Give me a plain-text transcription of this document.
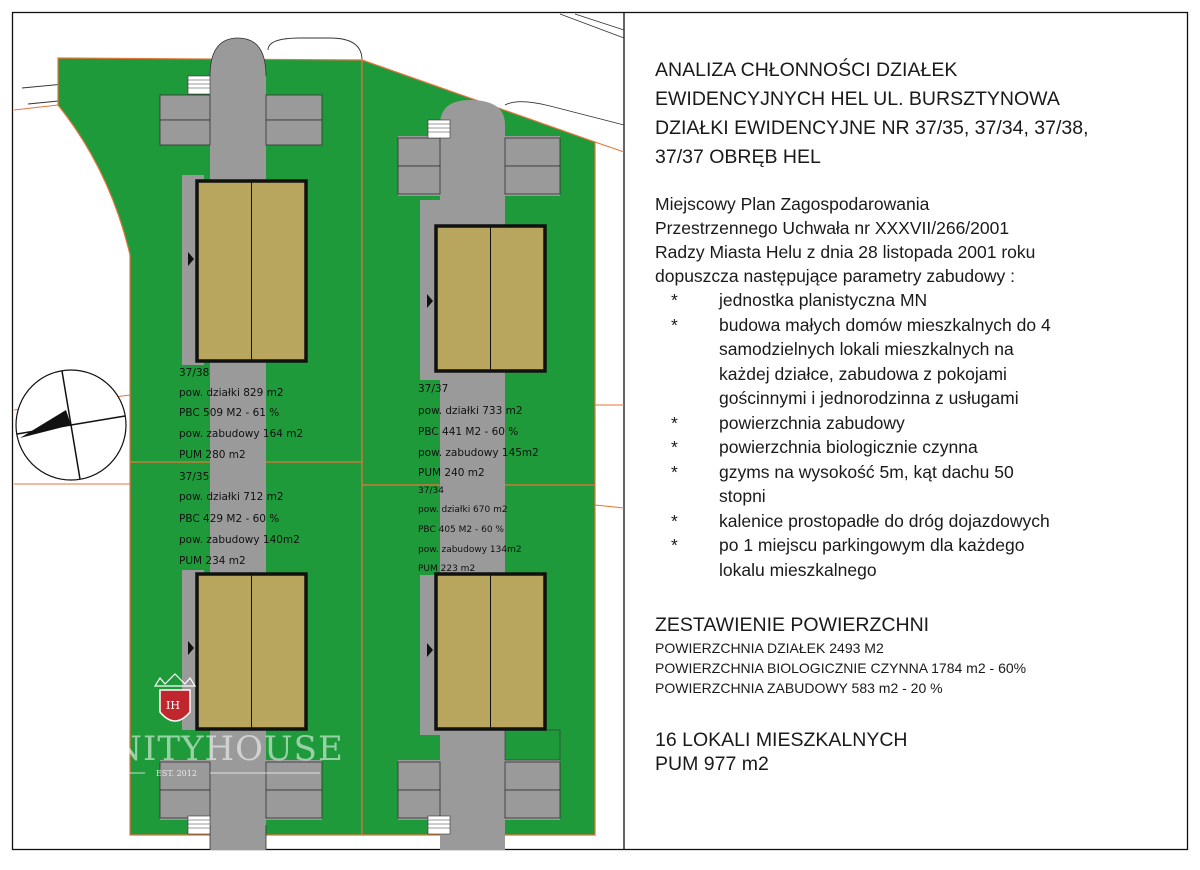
37/38
pow. działki 829 m2
PBC 509 M2 - 61 %
pow. zabudowy 164 m2
PUM 280 m2
37/37
pow. działki 733 m2
PBC 441 M2 - 60 %
pow. zabudowy 145m2
PUM 240 m2
37/35
pow. działki 712 m2
PBC 429 M2 - 60 %
pow. zabudowy 140m2
PUM 234 m2
37/34
pow. działki 670 m2
PBC 405 M2 - 60 %
pow. zabudowy 134m2
PUM 223 m2
IH
INFINITYHOUSE
EST. 2012
ANALIZA CHŁONNOŚCI DZIAŁEK
EWIDENCYJNYCH HEL UL. BURSZTYNOWA
DZIAŁKI EWIDENCYJNE NR 37/35, 37/34, 37/38,
37/37 OBRĘB HEL
Miejscowy Plan Zagospodarowania
Przestrzennego Uchwała nr XXXVII/266/2001
Radzy Miasta Helu z dnia 28 listopada 2001 roku
dopuszcza następujące parametry zabudowy :
* jednostka planistyczna MN
* budowa małych domów mieszkalnych do 4
samodzielnych lokali mieszkalnych na
każdej działce, zabudowa z pokojami
gościnnymi i jednorodzinna z usługami
* powierzchnia zabudowy
* powierzchnia biologicznie czynna
* gzyms na wysokość 5m, kąt dachu 50
stopni
* kalenice prostopadłe do dróg dojazdowych
* po 1 miejscu parkingowym dla każdego
lokalu mieszkalnego
ZESTAWIENIE POWIERZCHNI
POWIERZCHNIA DZIAŁEK 2493 M2
POWIERZCHNIA BIOLOGICZNIE CZYNNA 1784 m2 - 60%
POWIERZCHNIA ZABUDOWY 583 m2 - 20 %
16 LOKALI MIESZKALNYCH
PUM 977 m2
